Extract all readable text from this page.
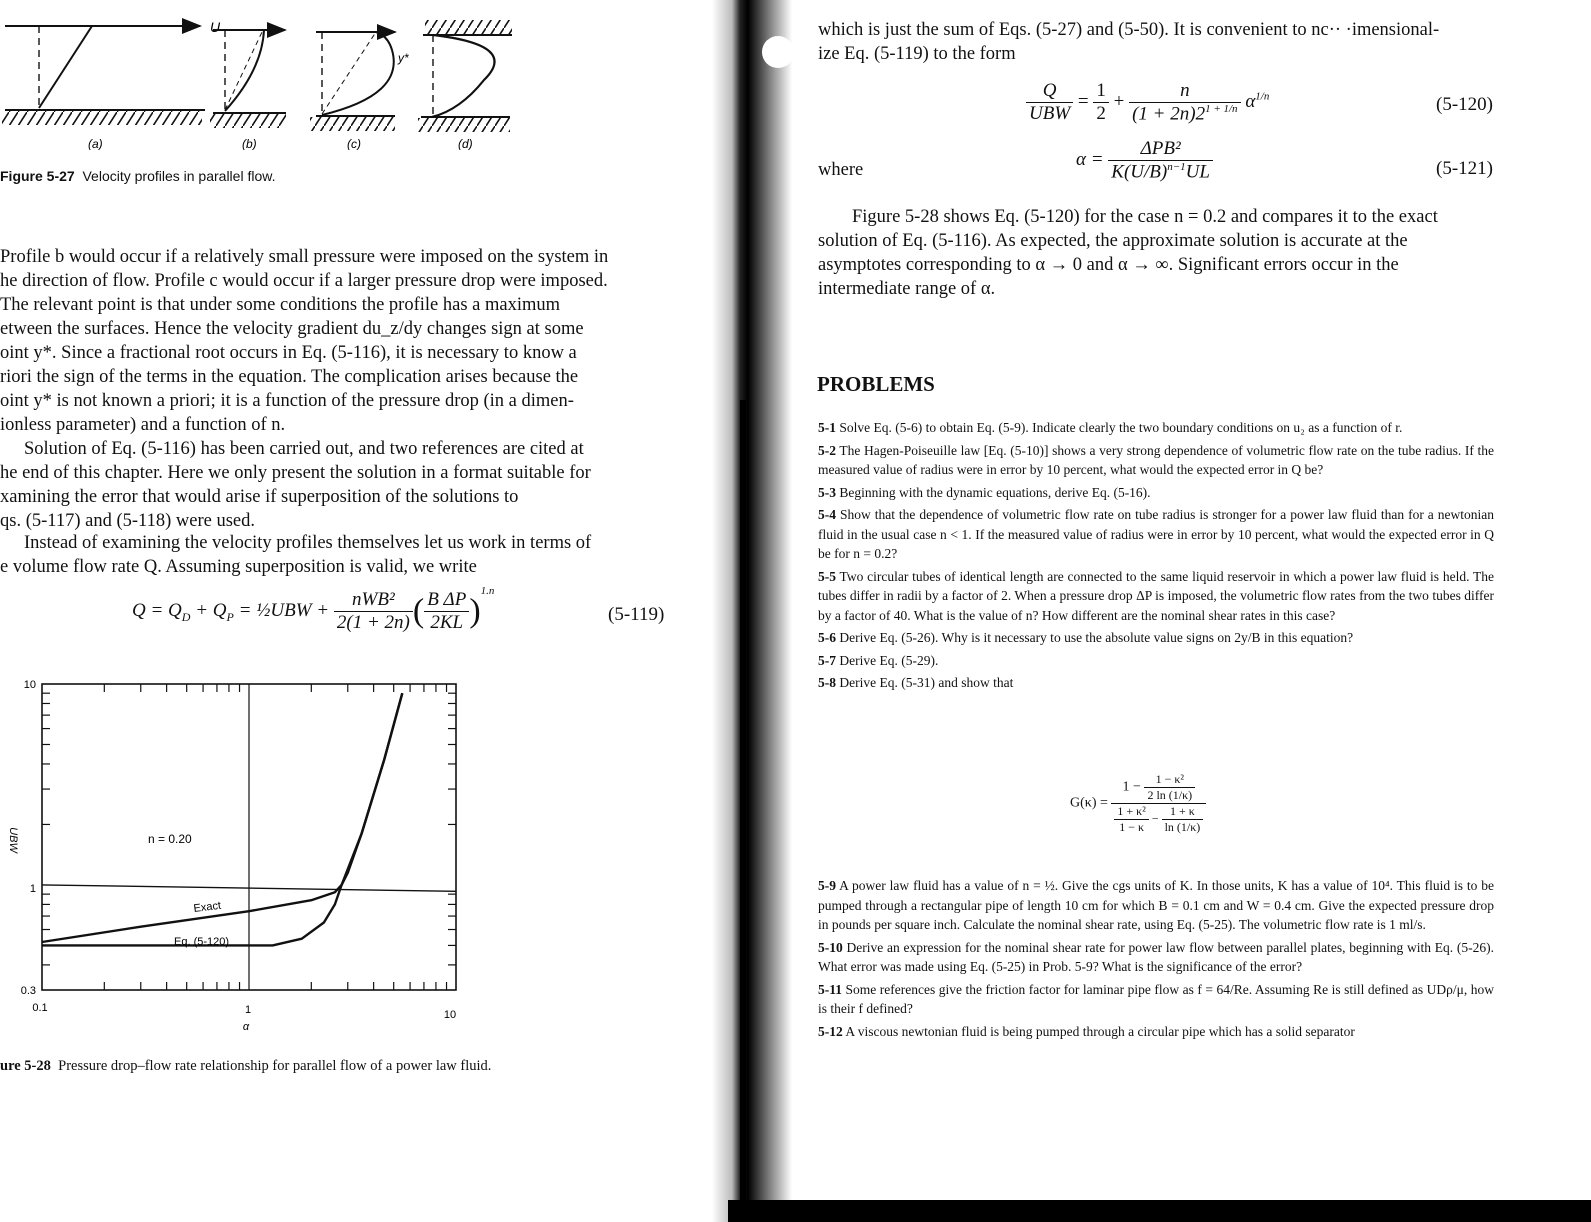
U
(a)	(b)
y*
(c)	(d)
Figure 5-27 Velocity profiles in parallel flow.
Profile b would occur if a relatively small pressure were imposed on the system in
he direction of flow. Profile c would occur if a larger pressure drop were imposed.
The relevant point is that under some conditions the profile has a maximum
etween the surfaces. Hence the velocity gradient du_z/dy changes sign at some
oint y*. Since a fractional root occurs in Eq. (5-116), it is necessary to know a
riori the sign of the terms in the equation. The complication arises because the
oint y* is not known a priori; it is a function of the pressure drop (in a dimen-
ionless parameter) and a function of n.
Solution of Eq. (5-116) has been carried out, and two references are cited at
he end of this chapter. Here we only present the solution in a format suitable for
xamining the error that would arise if superposition of the solutions to
qs. (5-117) and (5-118) were used.
Instead of examining the velocity profiles themselves let us work in terms of
e volume flow rate Q. Assuming superposition is valid, we write
$Q = Q_D + Q_P$ = ½UBW + $\frac{\text{nWB²}}{2(1 + 2n)}$ ( $\frac{\text{B ΔP}}{2KL} )^{1.n}$
(5-119)
10
1
0.3
0.1	1	10
α
UBW	n = 0.20
Exact
Eq. (5-120)
ure 5-28 Pressure drop–flow rate relationship for parallel flow of a power law fluid.
which is just the sum of Eqs. (5-27) and (5-50). It is convenient to nc·· ·imensional-
ize Eq. (5-119) to the form
$\frac{Q}{\text{UBW}} = \frac{1}{2} + \frac{n}{(1 + 2n)2^{1 + 1/n}} \alpha^{1/n}$	(5-120)
where	$\alpha = \frac{\text{ΔPB²}}{K(U/B)^{n-1}UL}$	(5-121)
Figure 5-28 shows Eq. (5-120) for the case n = 0.2 and compares it to the exact
solution of Eq. (5-116). As expected, the approximate solution is accurate at the
asymptotes corresponding to α → 0 and α → ∞. Significant errors occur in the
intermediate range of α.
PROBLEMS
5-1 Solve Eq. (5-6) to obtain Eq. (5-9). Indicate clearly the two boundary conditions on u₂ as a function of r.
5-2 The Hagen-Poiseuille law [Eq. (5-10)] shows a very strong dependence of volumetric flow rate on the tube radius. If the measured value of radius were in error by 10 percent, what would the expected error in Q be?
5-3 Beginning with the dynamic equations, derive Eq. (5-16).
5-4 Show that the dependence of volumetric flow rate on tube radius is stronger for a power law fluid than for a newtonian fluid in the usual case n < 1. If the measured value of radius were in error by 10 percent, what would the expected error in Q be for n = 0.2?
5-5 Two circular tubes of identical length are connected to the same liquid reservoir in which a power law fluid is held. The tubes differ in radii by a factor of 2. When a pressure drop ΔP is imposed, the volumetric flow rates from the two tubes differ by a factor of 40. What is the value of n? How different are the nominal shear rates in this case?
5-6 Derive Eq. (5-26). Why is it necessary to use the absolute value signs on 2y/B in this equation?
5-7 Derive Eq. (5-29).
5-8 Derive Eq. (5-31) and show that
$G(\kappa) = \frac{1 - \frac{\text{1 − κ²}}{2 \ln (1/\kappa)}}{\frac{\text{1 + κ²}}{1 - \kappa} - \frac{1 + \kappa}{\ln (1/\kappa)}}$
5-9 A power law fluid has a value of n = ½. Give the cgs units of K. In those units, K has a value of 10⁴. This fluid is to be pumped through a rectangular pipe of length 10 cm for which B = 0.1 cm and W = 0.4 cm. Give the expected pressure drop in pounds per square inch. Calculate the nominal shear rate, using Eq. (5-25). The volumetric flow rate is 1 ml/s.
5-10 Derive an expression for the nominal shear rate for power law flow between parallel plates, beginning with Eq. (5-26). What error was made using Eq. (5-25) in Prob. 5-9? What is the significance of the error?
5-11 Some references give the friction factor for laminar pipe flow as f = 64/Re. Assuming Re is still defined as UDρ/μ, how is their f defined?
5-12 A viscous newtonian fluid is being pumped through a circular pipe which has a solid separator
